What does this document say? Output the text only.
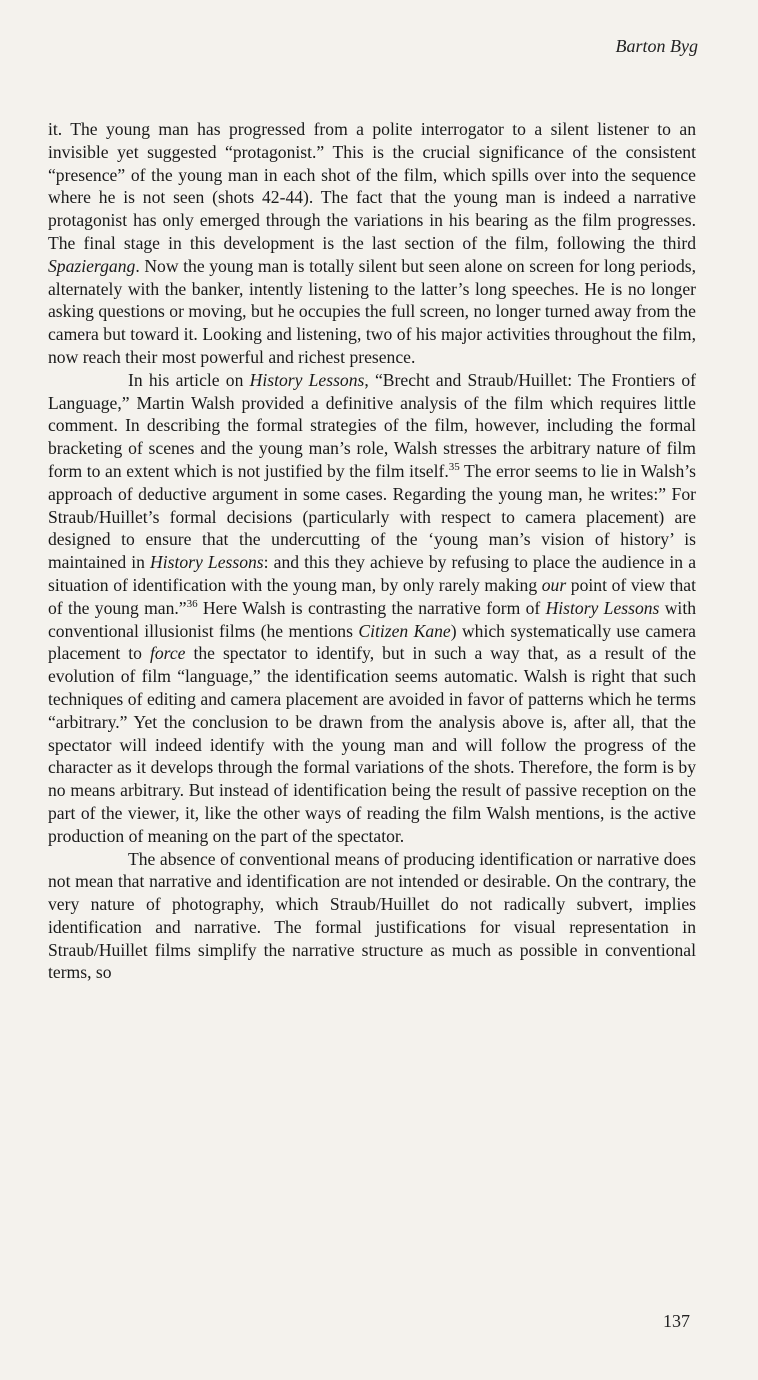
Barton Byg

it. The young man has progressed from a polite interrogator to a silent listener to an invisible yet suggested “protagonist.” This is the crucial significance of the consistent “presence” of the young man in each shot of the film, which spills over into the sequence where he is not seen (shots 42-44). The fact that the young man is indeed a narrative protagonist has only emerged through the variations in his bearing as the film progresses. The final stage in this development is the last section of the film, following the third Spaziergang. Now the young man is totally silent but seen alone on screen for long periods, alternately with the banker, intently listening to the latter’s long speeches. He is no longer asking questions or moving, but he occupies the full screen, no longer turned away from the camera but toward it. Looking and listening, two of his major activities throughout the film, now reach their most powerful and richest presence.

In his article on History Lessons, “Brecht and Straub/Huillet: The Frontiers of Language,” Martin Walsh provided a definitive analysis of the film which requires little comment. In describing the formal strategies of the film, however, including the formal bracketing of scenes and the young man’s role, Walsh stresses the arbitrary nature of film form to an extent which is not justified by the film itself.$^{35}$ The error seems to lie in Walsh’s approach of deductive argument in some cases. Regarding the young man, he writes:” For Straub/Huillet’s formal decisions (particularly with respect to camera placement) are designed to ensure that the undercutting of the ‘young man’s vision of history’ is maintained in History Lessons: and this they achieve by refusing to place the audience in a situation of identification with the young man, by only rarely making our point of view that of the young man.”$^{36}$ Here Walsh is contrasting the narrative form of History Lessons with conventional illusionist films (he mentions Citizen Kane) which systematically use camera placement to force the spectator to identify, but in such a way that, as a result of the evolution of film “language,” the identification seems automatic. Walsh is right that such techniques of editing and camera placement are avoided in favor of patterns which he terms “arbitrary.” Yet the conclusion to be drawn from the analysis above is, after all, that the spectator will indeed identify with the young man and will follow the progress of the character as it develops through the formal variations of the shots. Therefore, the form is by no means arbitrary. But instead of identification being the result of passive reception on the part of the viewer, it, like the other ways of reading the film Walsh mentions, is the active production of meaning on the part of the spectator.

The absence of conventional means of producing identification or narrative does not mean that narrative and identification are not intended or desirable. On the contrary, the very nature of photography, which Straub/Huillet do not radically subvert, implies identification and narrative. The formal justifications for visual representation in Straub/Huillet films simplify the narrative structure as much as possible in conventional terms, so

137
